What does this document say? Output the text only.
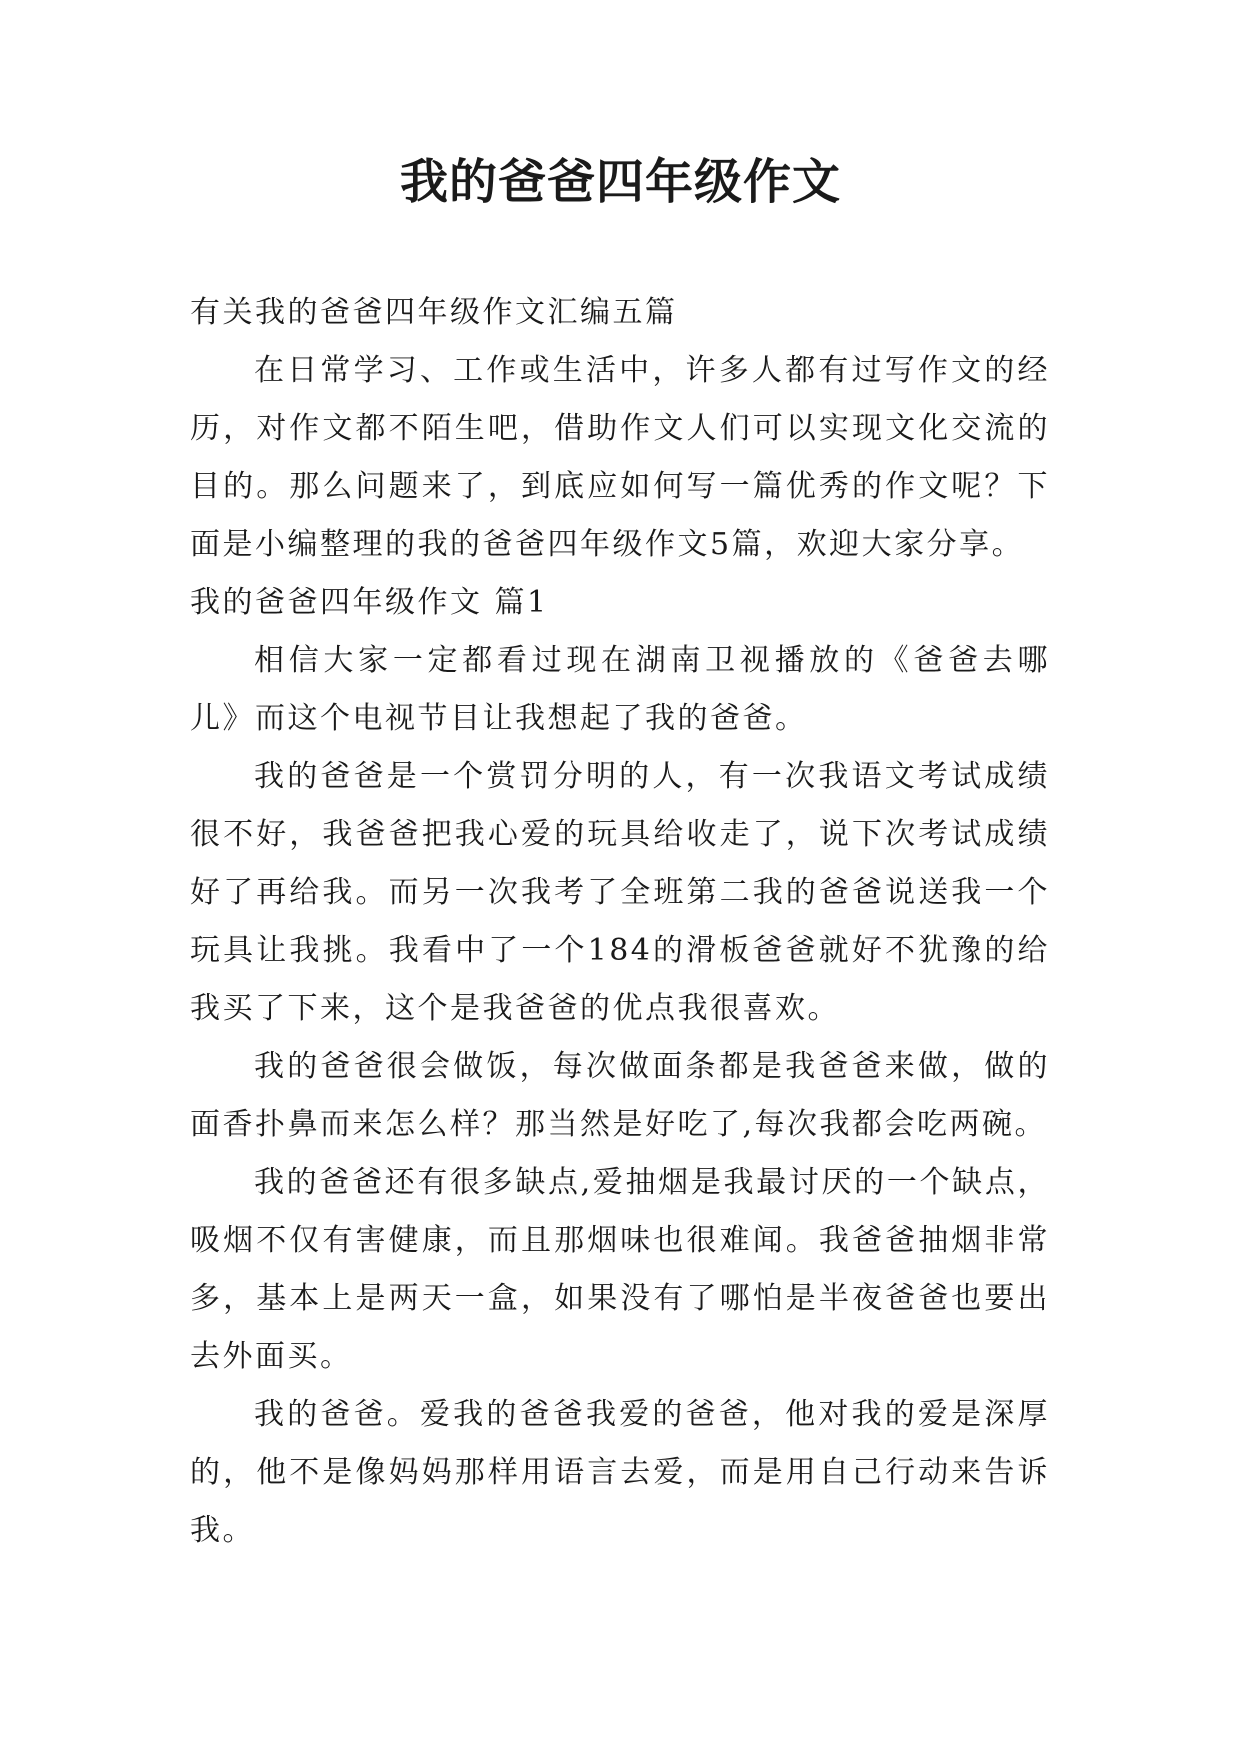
我的爸爸四年级作文

有关我的爸爸四年级作文汇编五篇

在日常学习、工作或生活中，许多人都有过写作文的经历，对作文都不陌生吧，借助作文人们可以实现文化交流的目的。那么问题来了，到底应如何写一篇优秀的作文呢？下面是小编整理的我的爸爸四年级作文5篇，欢迎大家分享。

我的爸爸四年级作文 篇1

相信大家一定都看过现在湖南卫视播放的《爸爸去哪儿》而这个电视节目让我想起了我的爸爸。

我的爸爸是一个赏罚分明的人，有一次我语文考试成绩很不好，我爸爸把我心爱的玩具给收走了，说下次考试成绩好了再给我。而另一次我考了全班第二我的爸爸说送我一个玩具让我挑。我看中了一个184的滑板爸爸就好不犹豫的给我买了下来，这个是我爸爸的优点我很喜欢。

我的爸爸很会做饭，每次做面条都是我爸爸来做，做的面香扑鼻而来怎么样？那当然是好吃了,每次我都会吃两碗。

我的爸爸还有很多缺点,爱抽烟是我最讨厌的一个缺点，吸烟不仅有害健康，而且那烟味也很难闻。我爸爸抽烟非常多，基本上是两天一盒，如果没有了哪怕是半夜爸爸也要出去外面买。

我的爸爸。爱我的爸爸我爱的爸爸，他对我的爱是深厚的，他不是像妈妈那样用语言去爱，而是用自己行动来告诉我。
